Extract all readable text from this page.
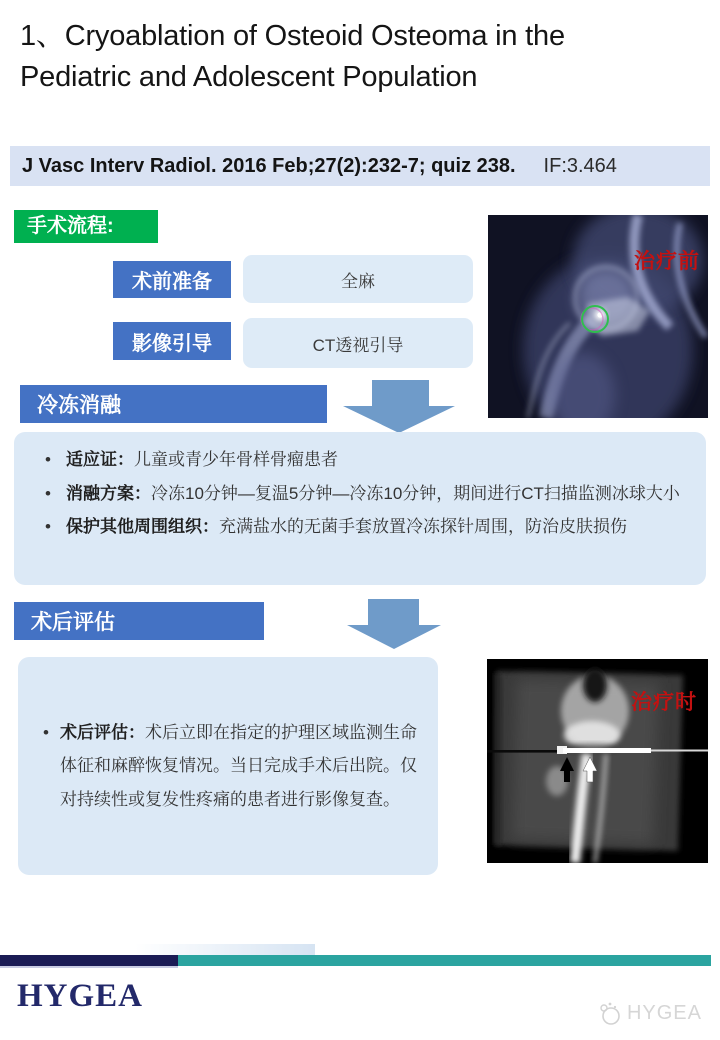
1、Cryoablation of Osteoid Osteoma in the
Pediatric and Adolescent Population
J Vasc Interv Radiol. 2016 Feb;27(2):232-7; quiz 238. IF:3.464
手术流程:
术前准备	全麻
影像引导	CT透视引导
冷冻消融
•
适应证：儿童或青少年骨样骨瘤患者
•
消融方案：冷冻10分钟—复温5分钟—冷冻10分钟，期间进行CT扫描监测冰球大小
•
保护其他周围组织：充满盐水的无菌手套放置冷冻探针周围，防治皮肤损伤
术后评估
•
术后评估：术后立即在指定的护理区域监测生命体征和麻醉恢复情况。当日完成手术后出院。仅对持续性或复发性疼痛的患者进行影像复查。
治疗前
治疗时
HYGEA	HYGEA
